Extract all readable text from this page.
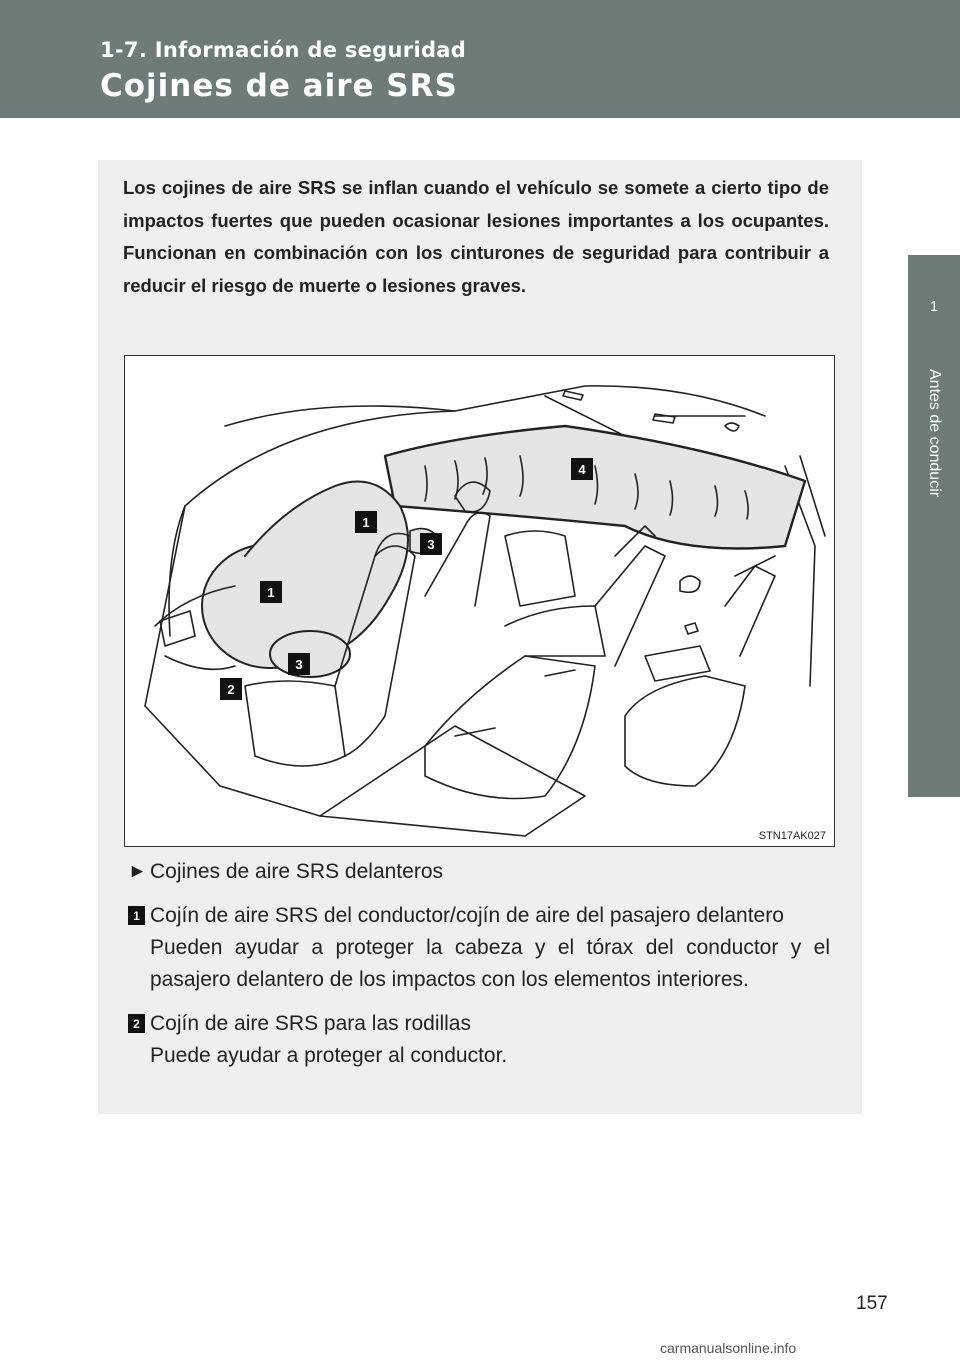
1-7. Información de seguridad
Cojines de aire SRS
1
Antes de conducir

Los cojines de aire SRS se inflan cuando el vehículo se somete a cierto tipo de impactos fuertes que pueden ocasionar lesiones importantes a los ocupantes. Funcionan en combinación con los cinturones de seguridad para contribuir a reducir el riesgo de muerte o lesiones graves.

1
1
2
3
3
4
STN17AK027
► Cojines de aire SRS delanteros
1 Cojín de aire SRS del conductor/cojín de aire del pasajero delantero
Pueden ayudar a proteger la cabeza y el tórax del conductor y el pasajero delantero de los impactos con los elementos interiores.
2 Cojín de aire SRS para las rodillas
Puede ayudar a proteger al conductor.
157
carmanualsonline.info
